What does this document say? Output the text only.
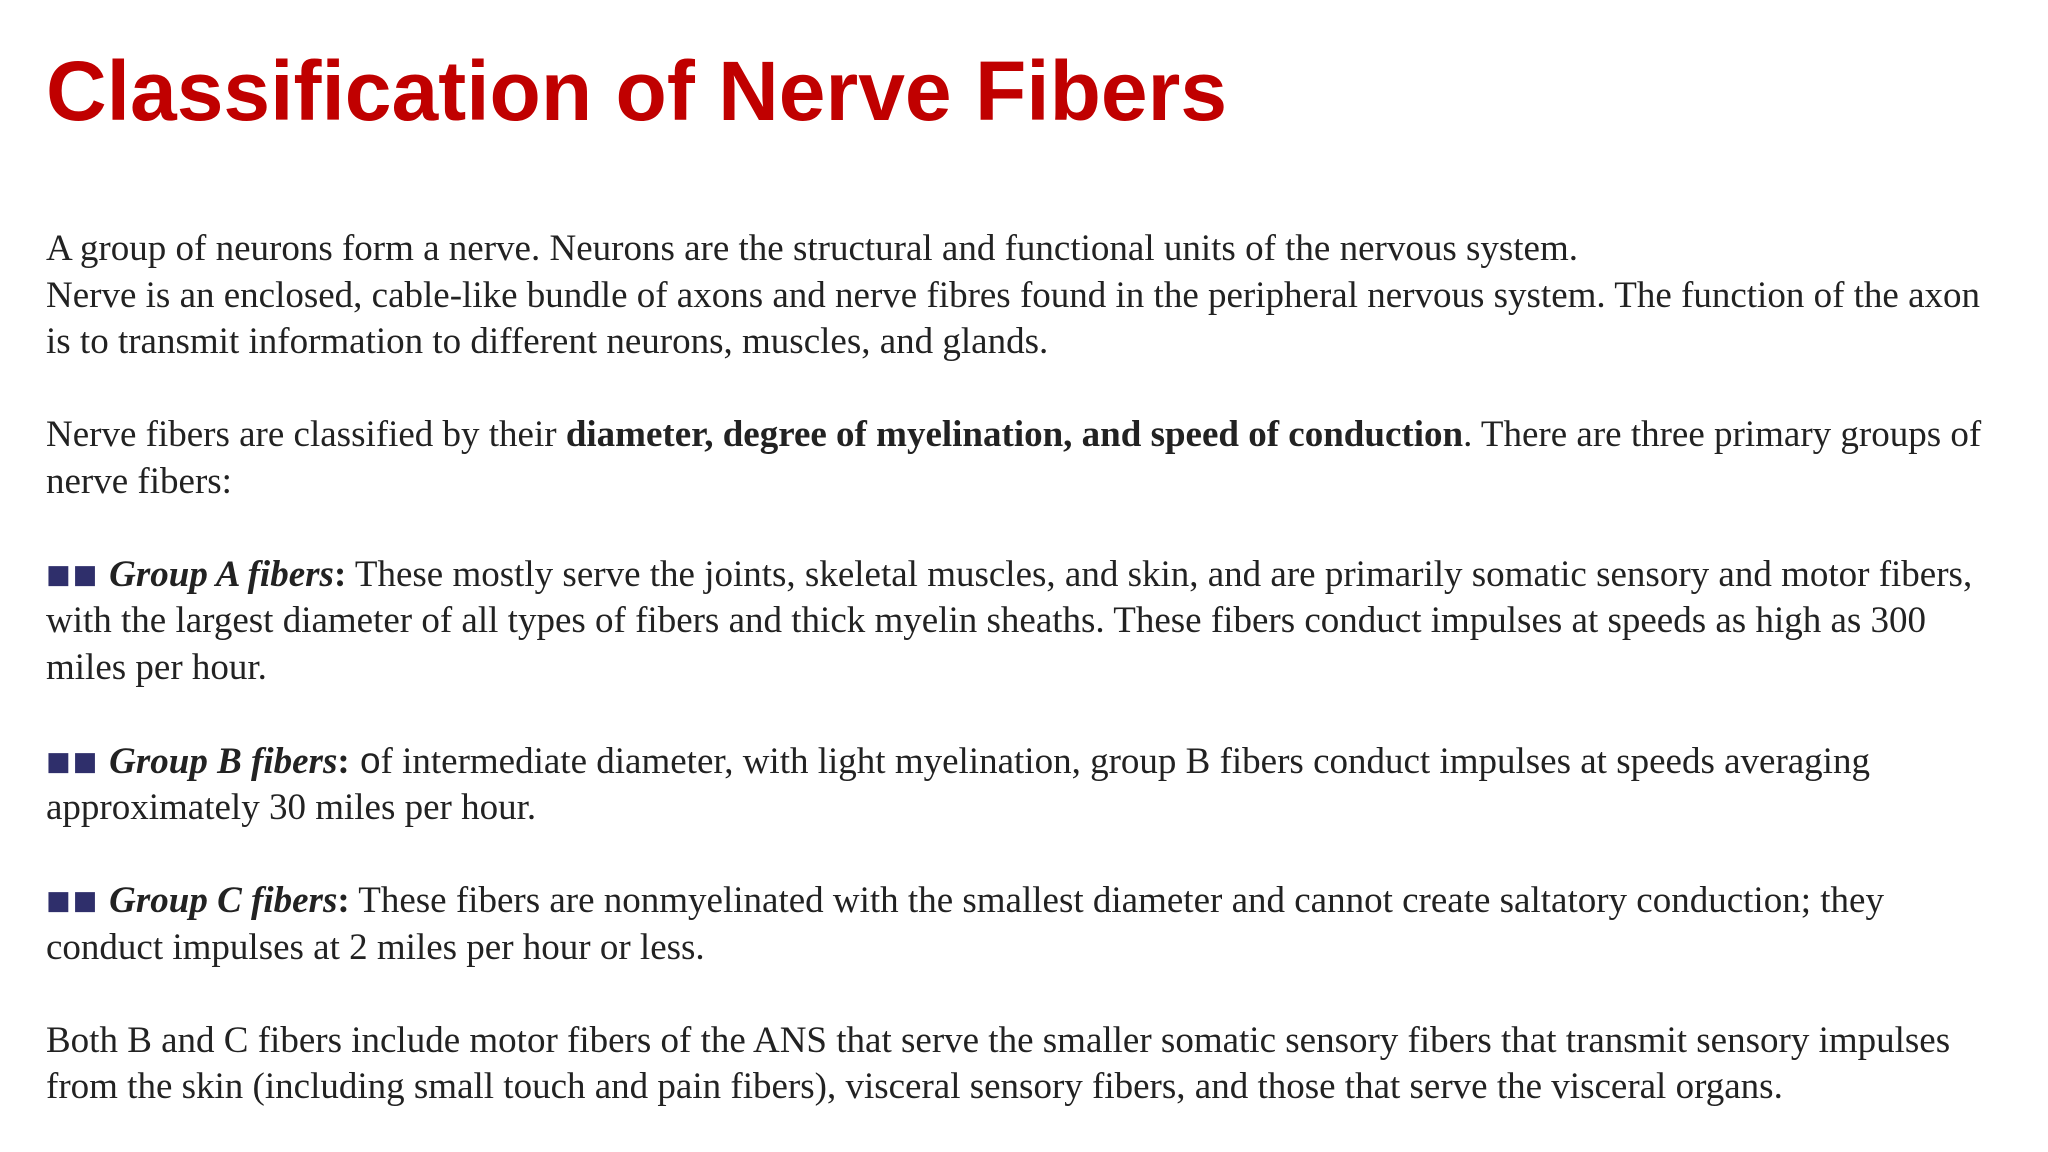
Classification of Nerve Fibers

A group of neurons form a nerve. Neurons are the structural and functional units of the nervous system.

Nerve is an enclosed, cable-like bundle of axons and nerve fibres found in the peripheral nervous system. The function of the axon is to transmit information to different neurons, muscles, and glands.

Nerve fibers are classified by their diameter, degree of myelination, and speed of conduction. There are three primary groups of nerve fibers:

■■ Group A fibers: These mostly serve the joints, skeletal muscles, and skin, and are primarily somatic sensory and motor fibers, with the largest diameter of all types of fibers and thick myelin sheaths. These fibers conduct impulses at speeds as high as 300 miles per hour.

■■ Group B fibers: of intermediate diameter, with light myelination, group B fibers conduct impulses at speeds averaging approximately 30 miles per hour.

■■ Group C fibers: These fibers are nonmyelinated with the smallest diameter and cannot create saltatory conduction; they conduct impulses at 2 miles per hour or less.

Both B and C fibers include motor fibers of the ANS that serve the smaller somatic sensory fibers that transmit sensory impulses from the skin (including small touch and pain fibers), visceral sensory fibers, and those that serve the visceral organs.
